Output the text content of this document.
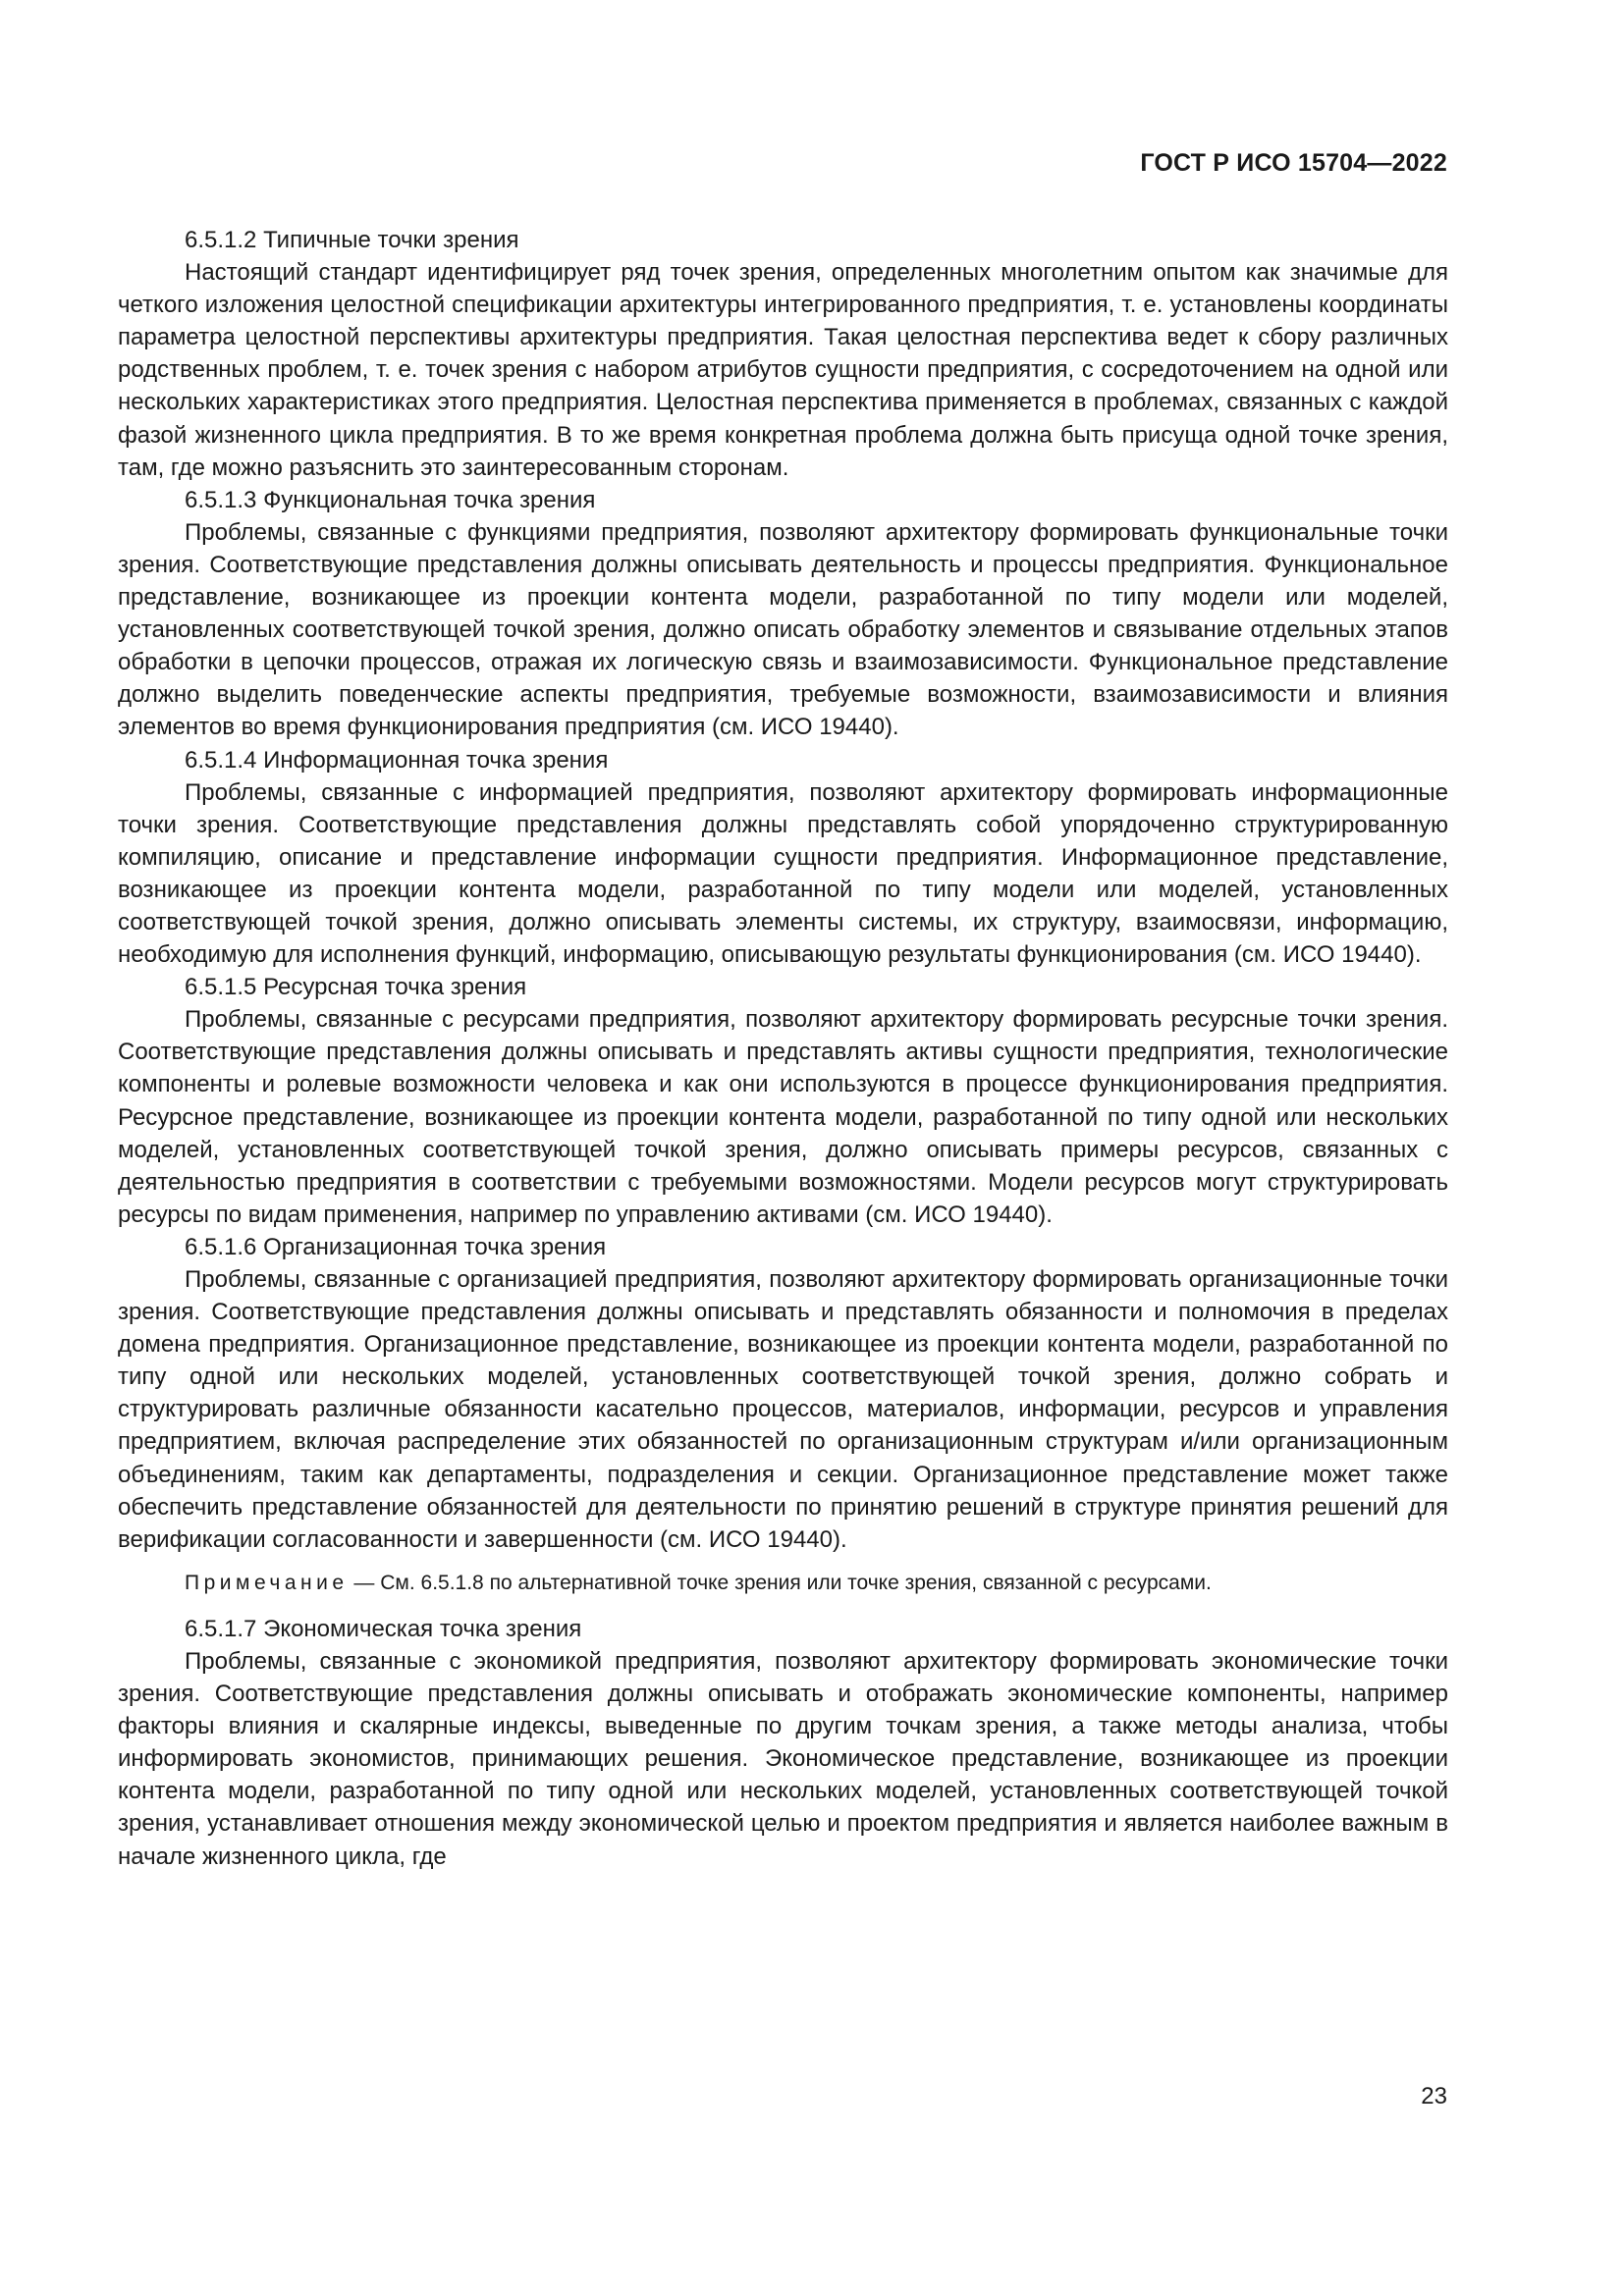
ГОСТ Р ИСО 15704—2022

6.5.1.2 Типичные точки зрения

Настоящий стандарт идентифицирует ряд точек зрения, определенных многолетним опытом как значимые для четкого изложения целостной спецификации архитектуры интегрированного предприятия, т. е. установлены координаты параметра целостной перспективы архитектуры предприятия. Такая целостная перспектива ведет к сбору различных родственных проблем, т. е. точек зрения с набором атрибутов сущности предприятия, с сосредоточением на одной или нескольких характеристиках этого предприятия. Целостная перспектива применяется в проблемах, связанных с каждой фазой жизненного цикла предприятия. В то же время конкретная проблема должна быть присуща одной точке зрения, там, где можно разъяснить это заинтересованным сторонам.

6.5.1.3 Функциональная точка зрения

Проблемы, связанные с функциями предприятия, позволяют архитектору формировать функциональные точки зрения. Соответствующие представления должны описывать деятельность и процессы предприятия. Функциональное представление, возникающее из проекции контента модели, разработанной по типу модели или моделей, установленных соответствующей точкой зрения, должно описать обработку элементов и связывание отдельных этапов обработки в цепочки процессов, отражая их логическую связь и взаимозависимости. Функциональное представление должно выделить поведенческие аспекты предприятия, требуемые возможности, взаимозависимости и влияния элементов во время функционирования предприятия (см. ИСО 19440).

6.5.1.4 Информационная точка зрения

Проблемы, связанные с информацией предприятия, позволяют архитектору формировать информационные точки зрения. Соответствующие представления должны представлять собой упорядоченно структурированную компиляцию, описание и представление информации сущности предприятия. Информационное представление, возникающее из проекции контента модели, разработанной по типу модели или моделей, установленных соответствующей точкой зрения, должно описывать элементы системы, их структуру, взаимосвязи, информацию, необходимую для исполнения функций, информацию, описывающую результаты функционирования (см. ИСО 19440).

6.5.1.5 Ресурсная точка зрения

Проблемы, связанные с ресурсами предприятия, позволяют архитектору формировать ресурсные точки зрения. Соответствующие представления должны описывать и представлять активы сущности предприятия, технологические компоненты и ролевые возможности человека и как они используются в процессе функционирования предприятия. Ресурсное представление, возникающее из проекции контента модели, разработанной по типу одной или нескольких моделей, установленных соответствующей точкой зрения, должно описывать примеры ресурсов, связанных с деятельностью предприятия в соответствии с требуемыми возможностями. Модели ресурсов могут структурировать ресурсы по видам применения, например по управлению активами (см. ИСО 19440).

6.5.1.6 Организационная точка зрения

Проблемы, связанные с организацией предприятия, позволяют архитектору формировать организационные точки зрения. Соответствующие представления должны описывать и представлять обязанности и полномочия в пределах домена предприятия. Организационное представление, возникающее из проекции контента модели, разработанной по типу одной или нескольких моделей, установленных соответствующей точкой зрения, должно собрать и структурировать различные обязанности касательно процессов, материалов, информации, ресурсов и управления предприятием, включая распределение этих обязанностей по организационным структурам и/или организационным объединениям, таким как департаменты, подразделения и секции. Организационное представление может также обеспечить представление обязанностей для деятельности по принятию решений в структуре принятия решений для верификации согласованности и завершенности (см. ИСО 19440).

Примечание — См. 6.5.1.8 по альтернативной точке зрения или точке зрения, связанной с ресурсами.

6.5.1.7 Экономическая точка зрения

Проблемы, связанные с экономикой предприятия, позволяют архитектору формировать экономические точки зрения. Соответствующие представления должны описывать и отображать экономические компоненты, например факторы влияния и скалярные индексы, выведенные по другим точкам зрения, а также методы анализа, чтобы информировать экономистов, принимающих решения. Экономическое представление, возникающее из проекции контента модели, разработанной по типу одной или нескольких моделей, установленных соответствующей точкой зрения, устанавливает отношения между экономической целью и проектом предприятия и является наиболее важным в начале жизненного цикла, где

23
